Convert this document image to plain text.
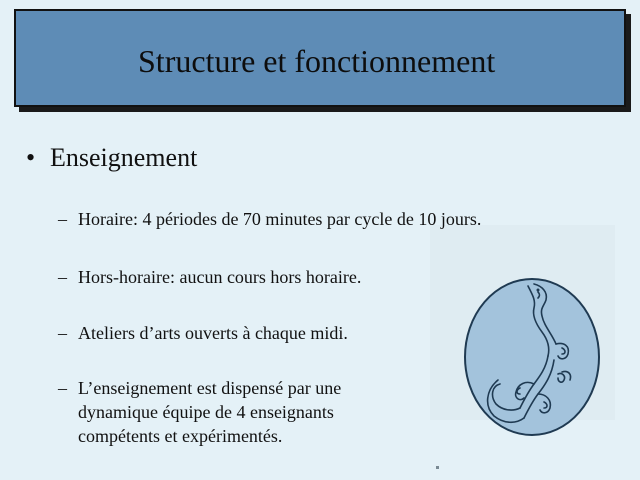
Structure et fonctionnement
• Enseignement
– Horaire: 4 périodes de 70 minutes par cycle de 10 jours.
– Hors-horaire: aucun cours hors horaire.
– Ateliers d’arts ouverts à chaque midi.
– L’enseignement est dispensé par une
dynamique équipe de 4 enseignants
compétents et expérimentés.
